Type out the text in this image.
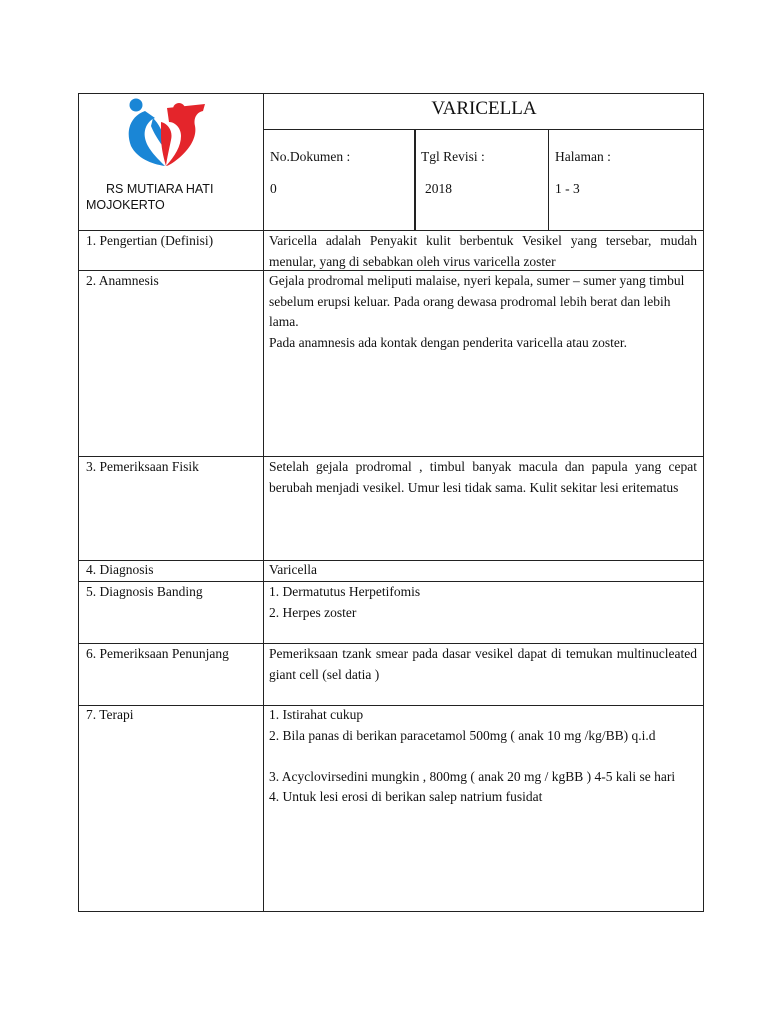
RS MUTIARA HATI
MOJOKERTO
VARICELLA
No.Dokumen :
0
Tgl Revisi :
2018
Halaman :
1 - 3
1. Pengertian (Definisi)	Varicella adalah Penyakit kulit berbentuk Vesikel yang tersebar, mudah menular, yang di sebabkan oleh virus varicella zoster
2. Anamnesis	Gejala prodromal meliputi malaise, nyeri kepala, sumer – sumer yang timbul sebelum erupsi keluar. Pada orang dewasa prodromal lebih berat dan lebih lama.
Pada anamnesis ada kontak dengan penderita varicella atau zoster.
3. Pemeriksaan Fisik	Setelah gejala prodromal , timbul banyak macula dan papula yang cepat berubah menjadi vesikel. Umur lesi tidak sama. Kulit sekitar lesi eritematus
4. Diagnosis	Varicella
5. Diagnosis Banding	1. Dermatutus Herpetifomis
2. Herpes zoster
6. Pemeriksaan Penunjang	Pemeriksaan tzank smear pada dasar vesikel dapat di temukan multinucleated giant cell (sel datia )
7. Terapi	1. Istirahat cukup
2. Bila panas di berikan paracetamol 500mg ( anak 10 mg /kg/BB) q.i.d
3. Acyclovirsedini mungkin , 800mg ( anak 20 mg / kgBB ) 4-5 kali se hari
4. Untuk lesi erosi di berikan salep natrium fusidat
